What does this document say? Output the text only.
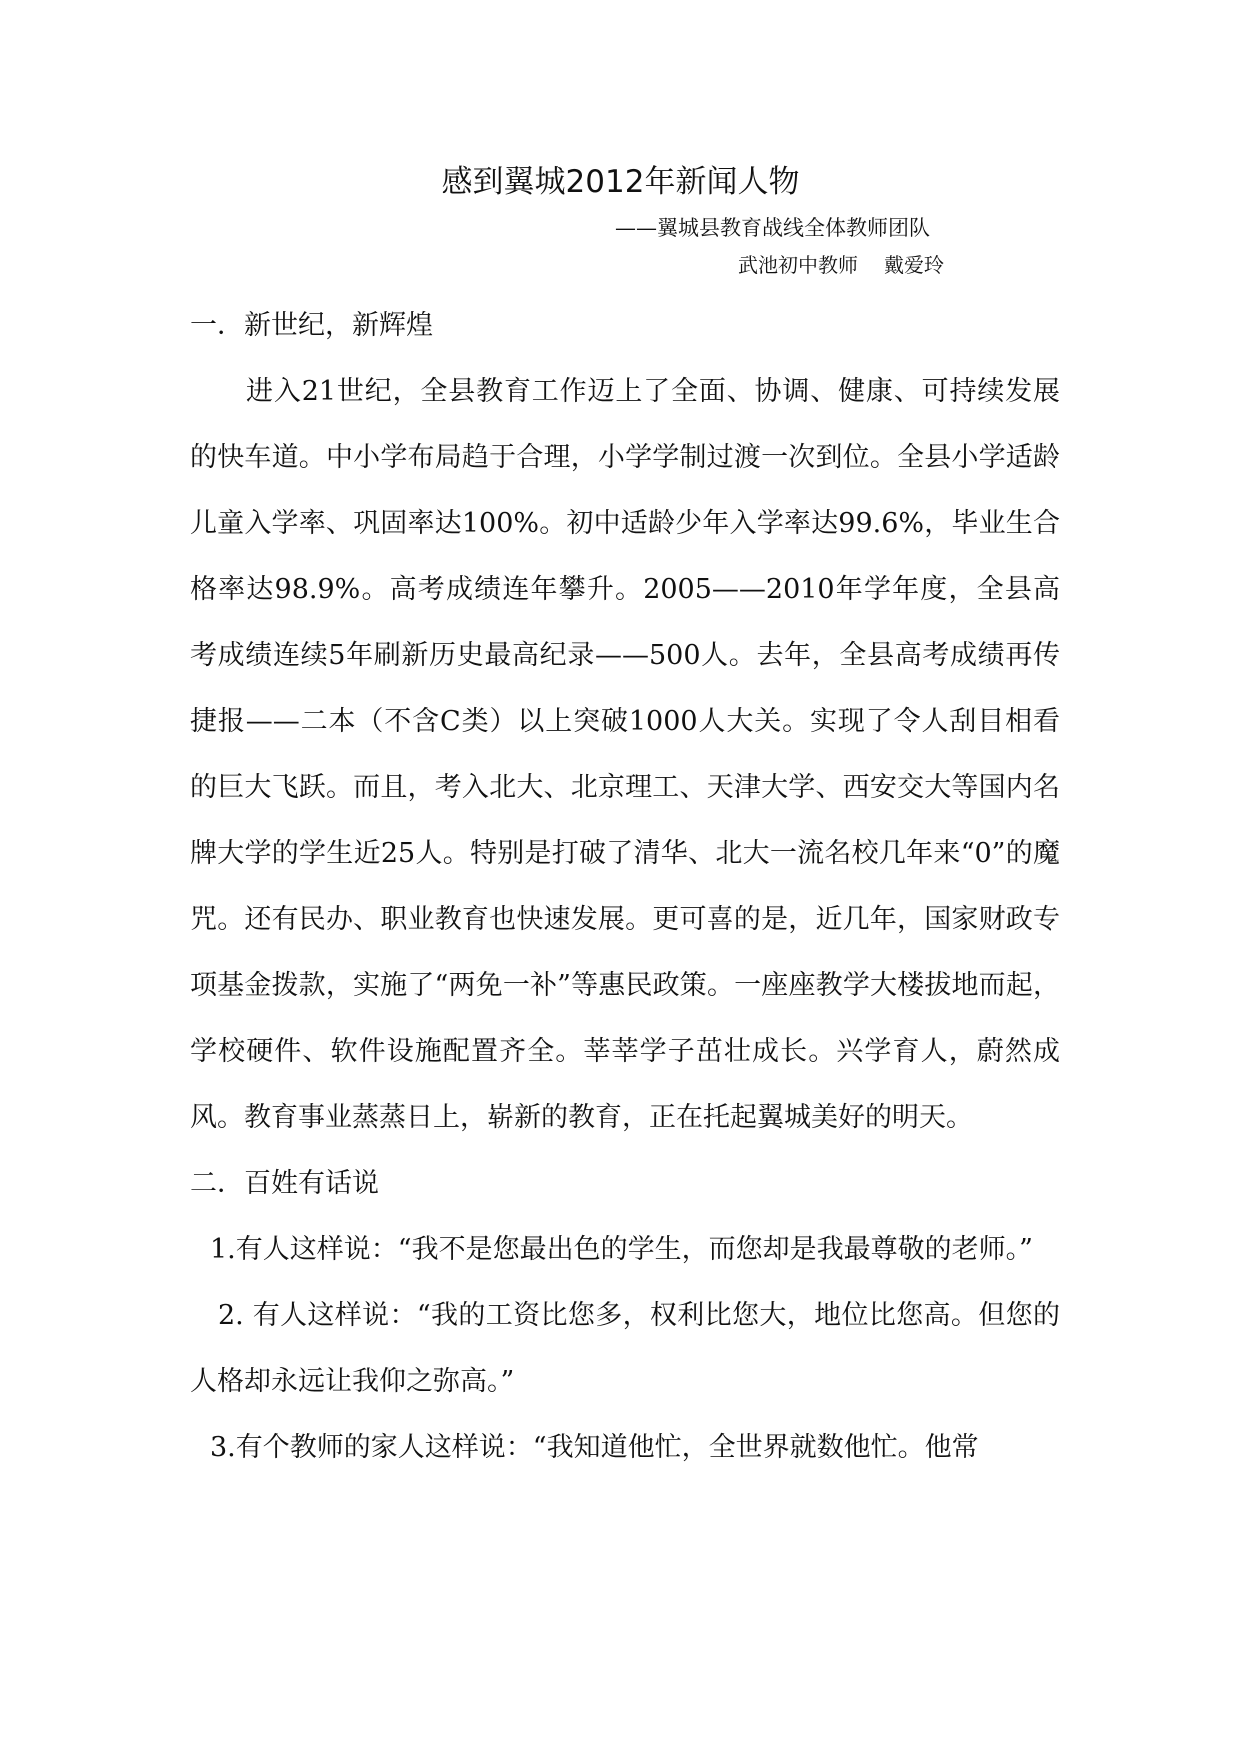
感到翼城2012年新闻人物
——翼城县教育战线全体教师团队
武池初中教师 戴爱玲

一．新世纪，新辉煌

进入21世纪，全县教育工作迈上了全面、协调、健康、可持续发展的快车道。中小学布局趋于合理，小学学制过渡一次到位。全县小学适龄儿童入学率、巩固率达100%。初中适龄少年入学率达99.6%，毕业生合格率达98.9%。高考成绩连年攀升。2005——2010年学年度，全县高考成绩连续5年刷新历史最高纪录——500人。去年，全县高考成绩再传捷报——二本（不含C类）以上突破1000人大关。实现了令人刮目相看的巨大飞跃。而且，考入北大、北京理工、天津大学、西安交大等国内名牌大学的学生近25人。特别是打破了清华、北大一流名校几年来“0”的魔咒。还有民办、职业教育也快速发展。更可喜的是，近几年，国家财政专项基金拨款，实施了“两免一补”等惠民政策。一座座教学大楼拔地而起，学校硬件、软件设施配置齐全。莘莘学子茁壮成长。兴学育人，蔚然成风。教育事业蒸蒸日上，崭新的教育，正在托起翼城美好的明天。

二．百姓有话说

1.有人这样说：“我不是您最出色的学生，而您却是我最尊敬的老师。”

2. 有人这样说：“我的工资比您多，权利比您大，地位比您高。但您的人格却永远让我仰之弥高。”

3.有个教师的家人这样说：“我知道他忙，全世界就数他忙。他常
